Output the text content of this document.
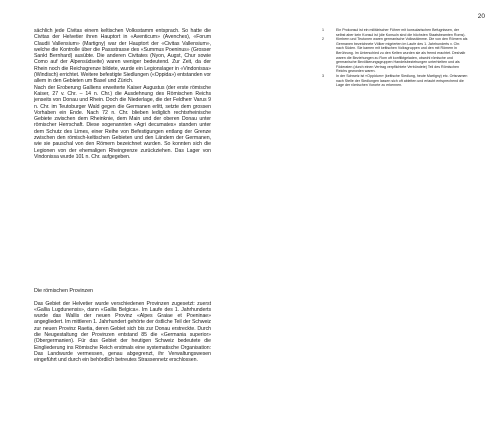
20

sächlich jede Civitas einem keltischen Volksstamm entsprach. So hatte die Civitas der Helvetier ihren Hauptort in «Aventicum» (Avenches), «Forum Claudii Vallensium» (Martigny) war der Hauptort der «Civitas Vallensium», welche die Kontrolle über die Passstrasse des «Summus Poeninus» (Grosser Sankt Bernhard) ausübte. Die anderen Civitates (Nyon, Augst, Chur sowie Como auf der Alpensüdseite) waren weniger bedeutend. Zur Zeit, da der Rhein noch die Reichsgrenze bildete, wurde ein Legionslager in «Vindonissa» (Windisch) errichtet. Weitere befestigte Siedlungen («Oppida») entstanden vor allem in den Gebieten um Basel und Zürich.

Nach der Eroberung Galliens erweiterte Kaiser Augustus (der erste römische Kaiser, 27 v. Chr. – 14 n. Chr.) die Ausdehnung des Römischen Reichs jenseits von Donau und Rhein. Doch die Niederlage, die der Feldherr Varus 9 n. Chr. im Teutoburger Wald gegen die Germanen erlitt, setzte dem grossen Vorhaben ein Ende. Nach 72 n. Chr. blieben lediglich rechtsrheinische Gebiete zwischen dem Rheinknie, dem Main und der oberen Donau unter römischer Herrschaft. Diese sogenannten «Agri decumates» standen unter dem Schutz des Limes, einer Reihe von Befestigungen entlang der Grenze zwischen den römisch-keltischen Gebieten und den Ländern der Germanen, wie sie pauschal von den Römern bezeichnet wurden. So konnten sich die Legionen von der ehemaligen Rheingrenze zurückziehen. Das Lager von Vindonissa wurde 101 n. Chr. aufgegeben.

Die römischen Provinzen

Das Gebiet der Helvetier wurde verschiedenen Provinzen zugesetzt: zuerst «Gallia Lugdunensis», dann «Gallia Belgica». Im Laufe des 1. Jahrhunderts wurde das Wallis der neuen Provinz «Alpes Graiae et Poeninae» angegliedert. Im mittleren 1. Jahrhundert gehörte der östliche Teil der Schweiz zur neuen Provinz Raetia, deren Gebiet sich bis zur Donau erstreckte. Durch die Neugestaltung der Provinzen entstand 85 die «Germania superior» (Obergermanien). Für das Gebiet der heutigen Schweiz bedeutete die Eingliederung ins Römische Reich erstmals eine systematische Organisation: Das Landwurde vermessen, genau abgegrenzt, ihr Verwaltungswesen eingeführt und durch ein behördlich betreutes Strassennetz erschlossen.

1	Ein Prokonsul ist ein militärischer Führer mit konsularischen Befugnissen, der selbst aber kein Konsul ist (die Konsuln sind die höchsten Staatsbeamten Roms).
2	Kimbern und Teutonen waren germanische Volksstämme. Die von den Römern als Germanen bezeichnete Völker migrierten im Laufe des 1. Jahrhunderts v. Chr. nach Süden. Sie kamen mit keltischen Volksgruppen und den mit Römern in Berührung. Im Unterschied zu den Kelten wurden sie als fremd erachtet. Deshalb waren die Beziehungen zu Rom oft konfliktgeladen, obwohl römische und germanische Bevölkerungsgruppen Handelsbeziehungen unterhielten und als Föderaten (durch einen Vertrag verpflichtete Verbündete) Teil des Römischen Reichs geworden waren.
3	In der Schweiz ist «Oppidum» (keltische Siedlung, heute Martigny) etc. Ortsnamen nach Stelle der Siedlungen lassen sich oft ableiten und erlaubt entsprechend die Lage der römischen Vororte zu erkennen.
